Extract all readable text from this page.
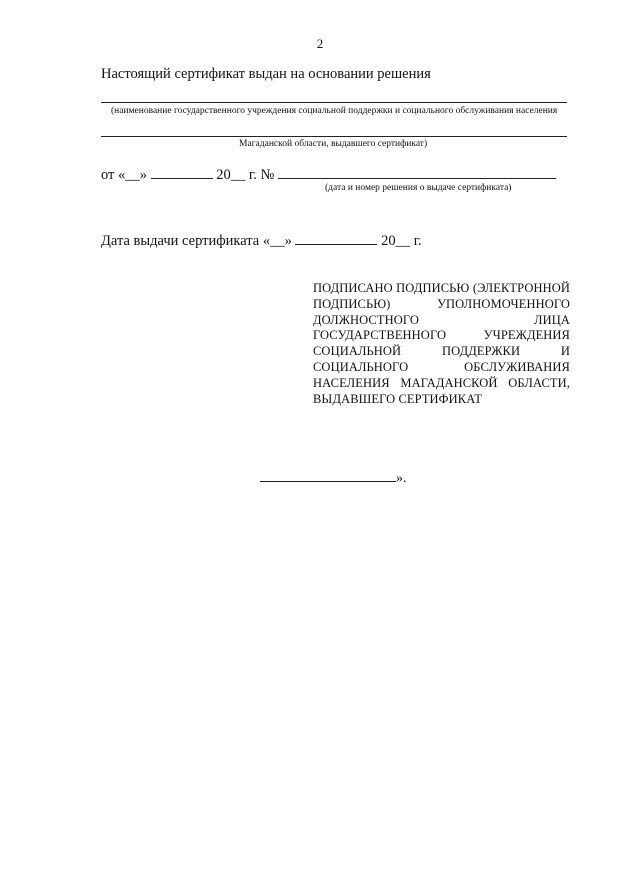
2
Настоящий сертификат выдан на основании решения
(наименование государственного учреждения социальной поддержки и социального обслуживания населения
Магаданской области, выдавшего сертификат)
от «__»	20__ г. №
(дата и номер решения о выдаче сертификата)
Дата выдачи сертификата «__»	20__ г.
ПОДПИСАНО ПОДПИСЬЮ (ЭЛЕКТРОННОЙ ПОДПИСЬЮ) УПОЛНОМОЧЕННОГО ДОЛЖНОСТНОГО ЛИЦА ГОСУДАРСТВЕННОГО УЧРЕЖДЕНИЯ СОЦИАЛЬНОЙ ПОДДЕРЖКИ И СОЦИАЛЬНОГО ОБСЛУЖИВАНИЯ НАСЕЛЕНИЯ МАГАДАНСКОЙ ОБЛАСТИ, ВЫДАВШЕГО СЕРТИФИКАТ
».
